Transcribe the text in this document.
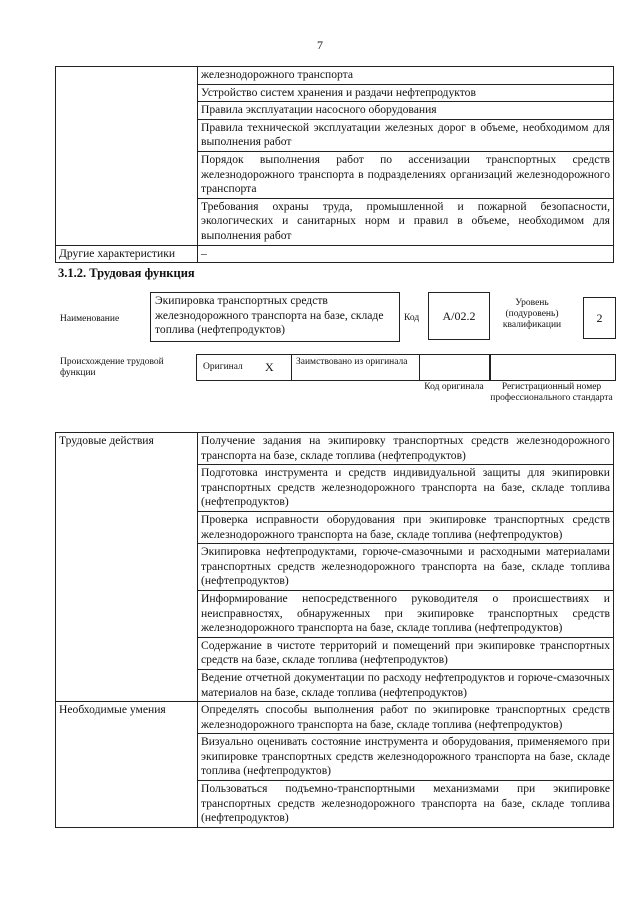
7
	железнодорожного транспорта
	Устройство систем хранения и раздачи нефтепродуктов
	Правила эксплуатации насосного оборудования
	Правила технической эксплуатации железных дорог в объеме, необходимом для выполнения работ
	Порядок выполнения работ по ассенизации транспортных средств железнодорожного транспорта в подразделениях организаций железнодорожного транспорта
	Требования охраны труда, промышленной и пожарной безопасности, экологических и санитарных норм и правил в объеме, необходимом для выполнения работ
Другие характеристики	–
3.1.2. Трудовая функция
Наименование
Экипировка транспортных средств железнодорожного транспорта на базе, складе топлива (нефтепродуктов)
Код	А/02.2
Уровень (подуровень) квалификации	2
Происхождение трудовой функции
Оригинал X Заимствовано из оригинала
Код оригинала	Регистрационный номер профессионального стандарта
Трудовые действия	Получение задания на экипировку транспортных средств железнодорожного транспорта на базе, складе топлива (нефтепродуктов)
	Подготовка инструмента и средств индивидуальной защиты для экипировки транспортных средств железнодорожного транспорта на базе, складе топлива (нефтепродуктов)
	Проверка исправности оборудования при экипировке транспортных средств железнодорожного транспорта на базе, складе топлива (нефтепродуктов)
	Экипировка нефтепродуктами, горюче-смазочными и расходными материалами транспортных средств железнодорожного транспорта на базе, складе топлива (нефтепродуктов)
	Информирование непосредственного руководителя о происшествиях и неисправностях, обнаруженных при экипировке транспортных средств железнодорожного транспорта на базе, складе топлива (нефтепродуктов)
	Содержание в чистоте территорий и помещений при экипировке транспортных средств на базе, складе топлива (нефтепродуктов)
	Ведение отчетной документации по расходу нефтепродуктов и горюче-смазочных материалов на базе, складе топлива (нефтепродуктов)
Необходимые умения	Определять способы выполнения работ по экипировке транспортных средств железнодорожного транспорта на базе, складе топлива (нефтепродуктов)
	Визуально оценивать состояние инструмента и оборудования, применяемого при экипировке транспортных средств железнодорожного транспорта на базе, складе топлива (нефтепродуктов)
	Пользоваться подъемно-транспортными механизмами при экипировке транспортных средств железнодорожного транспорта на базе, складе топлива (нефтепродуктов)
